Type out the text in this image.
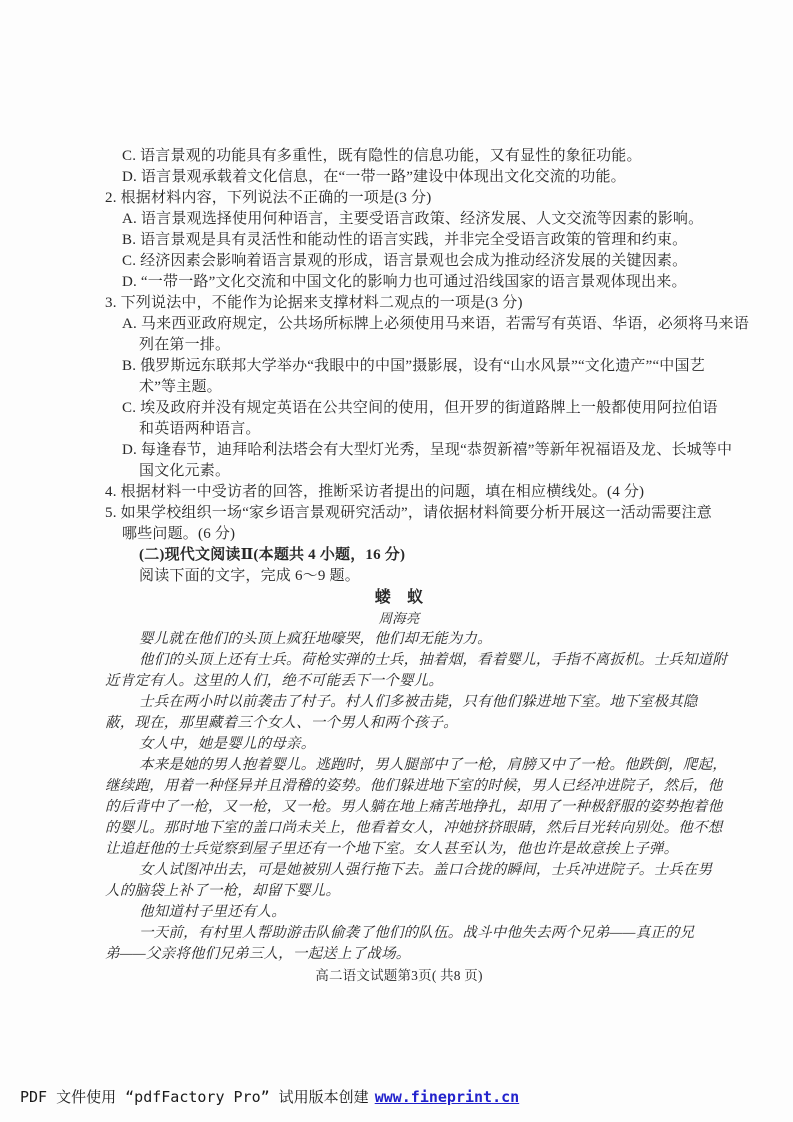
C. 语言景观的功能具有多重性，既有隐性的信息功能，又有显性的象征功能。
D. 语言景观承载着文化信息，在“一带一路”建设中体现出文化交流的功能。
2. 根据材料内容，下列说法不正确的一项是(3 分)
A. 语言景观选择使用何种语言，主要受语言政策、经济发展、人文交流等因素的影响。
B. 语言景观是具有灵活性和能动性的语言实践，并非完全受语言政策的管理和约束。
C. 经济因素会影响着语言景观的形成，语言景观也会成为推动经济发展的关键因素。
D. “一带一路”文化交流和中国文化的影响力也可通过沿线国家的语言景观体现出来。
3. 下列说法中，不能作为论据来支撑材料二观点的一项是(3 分)
A. 马来西亚政府规定，公共场所标牌上必须使用马来语，若需写有英语、华语，必须将马来语
列在第一排。
B. 俄罗斯远东联邦大学举办“我眼中的中国”摄影展，设有“山水风景”“文化遗产”“中国艺
术”等主题。
C. 埃及政府并没有规定英语在公共空间的使用，但开罗的街道路牌上一般都使用阿拉伯语
和英语两种语言。
D. 每逢春节，迪拜哈利法塔会有大型灯光秀，呈现“恭贺新禧”等新年祝福语及龙、长城等中
国文化元素。
4. 根据材料一中受访者的回答，推断采访者提出的问题，填在相应横线处。(4 分)
5. 如果学校组织一场“家乡语言景观研究活动”，请依据材料简要分析开展这一活动需要注意
哪些问题。(6 分)
(二)现代文阅读Ⅱ(本题共 4 小题，16 分)
阅读下面的文字，完成 6～9 题。
蝼　蚁
周海亮
婴儿就在他们的头顶上疯狂地嚎哭，他们却无能为力。
他们的头顶上还有士兵。荷枪实弹的士兵，抽着烟，看着婴儿，手指不离扳机。士兵知道附
近肯定有人。这里的人们，绝不可能丢下一个婴儿。
士兵在两小时以前袭击了村子。村人们多被击毙，只有他们躲进地下室。地下室极其隐
蔽，现在，那里藏着三个女人、一个男人和两个孩子。
女人中，她是婴儿的母亲。
本来是她的男人抱着婴儿。逃跑时，男人腿部中了一枪，肩膀又中了一枪。他跌倒，爬起，
继续跑，用着一种怪异并且滑稽的姿势。他们躲进地下室的时候，男人已经冲进院子，然后，他
的后背中了一枪，又一枪，又一枪。男人躺在地上痛苦地挣扎，却用了一种极舒服的姿势抱着他
的婴儿。那时地下室的盖口尚未关上，他看着女人，冲她挤挤眼睛，然后目光转向别处。他不想
让追赶他的士兵觉察到屋子里还有一个地下室。女人甚至认为，他也许是故意挨上子弹。
女人试图冲出去，可是她被别人强行拖下去。盖口合拢的瞬间，士兵冲进院子。士兵在男
人的脑袋上补了一枪，却留下婴儿。
他知道村子里还有人。
一天前，有村里人帮助游击队偷袭了他们的队伍。战斗中他失去两个兄弟——真正的兄
弟——父亲将他们兄弟三人，一起送上了战场。
高二语文试题第3页( 共8 页)
PDF 文件使用 “pdfFactory Pro” 试用版本创建 www.fineprint.cn
